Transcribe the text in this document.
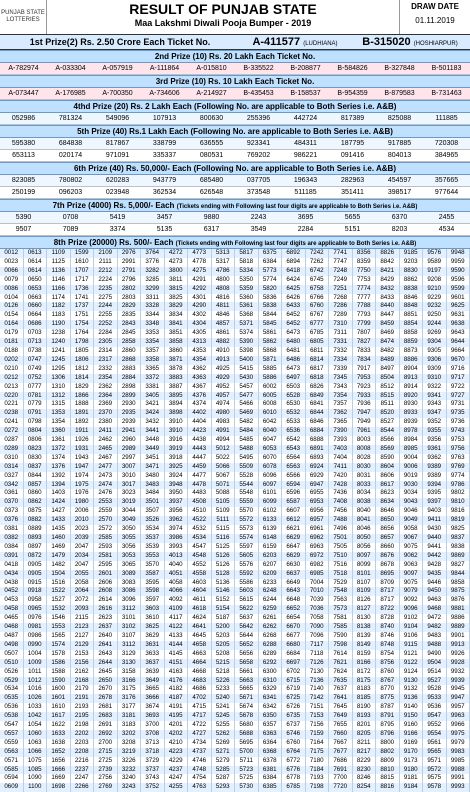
PUNJAB STATE LOTTERIES
RESULT OF PUNJAB STATE
Maa Lakshmi Diwali Pooja Bumper - 2019
DRAW DATE
01.11.2019
1st Prize(2) Rs. 2.50 Crore Each Ticket No.	A-411577 (LUDHIANA)	B-315020 (HOSHIARPUR)
2nd Prize (10) Rs. 20 Lakh Each Ticket No.
A-782974	A-033304	A-057919	A-111864	A-015810	B-335522	B-208877	B-584826	B-327848	B-501183
3rd Prize (10) Rs. 10 Lakh Each Ticket No.
A-073447	A-176985	A-700350	A-734606	A-214927	B-435453	B-158537	B-954359	B-879583	B-731463
4thd Prize (20) Rs. 2 Lakh Each (Following No. are applicable to Both Series i.e. A&B)
052986	781324	549096	107913	800630	255396	442724	817389	825088	111885
5th Prize (40) Rs.1 Lakh Each (Following No. are applicable to Both Series i.e. A&B)
595380	684838	817867	338799	636555	923341	484311	187795	917885	720308
653113	020174	971091	335337	080531	769202	986221	091416	804013	384965
6th Prize (40) Rs. 50,000/- Each (Following No. are applicable to Both Series i.e. A&B)
823085	780802	620283	943779	685480	037705	196343	282963	454597	357665
250199	096203	023948	362534	626548	373548	511185	351411	398517	977644
7th Prize (4000) Rs. 5,000/- Each (Tickets ending with Following last four digits are applicable to Both Series i.e. A&B)
5390	0708	5419	3457	9880	2243	3695	5655	6370	2455
9507	7089	3374	5135	6317	3549	2284	5151	8203	4534
8th Prize (20000) Rs. 500/- Each (Tickets ending with Following last four digits are applicable to Both Series i.e. A&B)
0012	0613	1109	1599	2109	2976	3764	4272	4773	5313	5817	6375	6892	7242	7741	8356	8826	9185	9576	9948
0023	0614	1125	1610	2111	2991	3776	4273	4778	5317	5818	6384	6894	7262	7747	8359	8842	9203	9589	9959
0066	0614	1136	1707	2212	2791	3282	3800	4275	4786	5334	5773	6418	6742	7248	7750	8421	8830	9197	9590
0079	0650	1146	1717	2224	2796	3285	3811	4291	4800	5350	5774	6424	6745	7249	7753	8429	8862	9208	9596
0086	0653	1166	1736	2235	2802	3299	3815	4292	4808	5359	5820	6425	6758	7251	7774	8432	8838	9210	9599
0104	0663	1174	1741	2275	2803	3311	3825	4301	4816	5360	5836	6426	6766	7268	7777	8433	8846	9229	9601
0126	0660	1182	1737	2244	2829	3328	3829	4290	4811	5361	5838	6433	6760	7286	7788	8440	8848	9232	9625
0154	0664	1183	1751	2255	2835	3344	3834	4302	4846	5368	5844	6452	6767	7289	7793	8447	8851	9250	9631
0164	0686	1190	1754	2252	2843	3348	3841	4304	4857	5371	5845	6452	6777	7310	7799	8459	8854	9244	9638
0179	0703	1238	1764	2284	2845	3353	3851	4305	4861	5374	5861	6473	6785	7311	7807	8469	8858	9269	9643
0181	0713	1240	1798	2305	2858	3354	3858	4313	4882	5390	5862	6480	6805	7331	7827	8474	8859	9304	9644
0188	0738	1241	1805	2314	2860	3357	3860	4353	4910	5398	5868	6481	6811	7332	7833	8482	8873	9305	9664
0202	0747	1245	1806	2317	2868	3358	3871	4354	4913	5400	5871	6486	6814	7334	7834	8489	8886	9306	9670
0210	0749	1295	1812	2332	2883	3365	3878	4362	4925	5415	5885	6473	6817	7339	7917	8497	8904	9309	9716
0212	0752	1306	1814	2354	2884	3372	3883	4363	4929	5430	5886	6497	6818	7345	7953	8504	8913	9310	9717
0213	0777	1310	1829	2362	2898	3381	3887	4367	4952	5457	6002	6503	6826	7343	7923	8512	8914	9322	9722
0220	0781	1312	1866	2364	2899	3405	3895	4376	4957	5477	6005	6528	6849	7354	7933	8515	8920	9341	9727
0221	0779	1315	1888	2369	2930	3421	3894	4374	4974	5466	6008	6530	6841	7357	7936	8511	8930	9343	9731
0238	0791	1353	1891	2370	2935	3424	3898	4402	4980	5469	6010	6532	6844	7362	7947	8520	8933	9347	9735
0241	0798	1354	1892	2380	2939	3432	3910	4404	4983	5482	6042	6533	6846	7365	7949	8527	8939	9352	9736
0272	0804	1360	1911	2411	2941	3441	3910	4423	4991	5484	6040	6536	6884	7390	7961	8544	8978	9355	9743
0287	0806	1361	1926	2462	2960	3448	3916	4438	4994	5485	6047	6542	6888	7393	8003	8566	8984	9356	9753
0289	0823	1372	1931	2465	2989	3449	3919	4443	5012	5488	6053	6543	6891	7403	8008	8569	8985	9361	9756
0310	0830	1374	1943	2467	2997	3451	3918	4447	5022	5495	6070	6564	6893	7404	8028	8590	9004	9362	9763
0314	0837	1376	1947	2477	3007	3471	3925	4459	5066	5509	6078	6563	6924	7411	8030	8604	9006	9389	9769
0327	0844	1392	1974	2473	3010	3480	3924	4477	5067	5528	6096	6566	6929	7420	8031	8606	9019	9389	9774
0342	0857	1394	1975	2474	3017	3483	3948	4478	5071	5544	6097	6594	6947	7428	8033	8617	9030	9394	9786
0361	0860	1403	1976	2476	3023	3484	3950	4483	5088	5548	6101	6596	6955	7436	8034	8623	9034	9395	9802
0370	0862	1424	1980	2553	3019	3501	3937	4508	5105	5559	6099	6587	6953	7408	8038	8634	9043	9397	9810
0373	0875	1427	2006	2559	3044	3507	3956	4510	5109	5570	6102	6607	6956	7456	8040	8646	9046	9403	9816
0376	0882	1433	2010	2570	3049	3526	3962	4522	5111	5572	6133	6612	6957	7488	8041	8650	9049	9411	9819
0381	0889	1435	2023	2572	3050	3534	3974	4532	5115	5573	6139	6621	6961	7496	8046	8656	9058	9430	9825
0382	0893	1460	2039	2585	3055	3537	3986	4534	5116	5574	6148	6629	6962	7501	8050	8657	9067	9440	9837
0384	0897	1469	2047	2593	3056	3539	3993	4547	5125	5597	6159	6647	6963	7505	8056	8660	9075	9441	9838
0391	0872	1479	2034	2581	3053	3553	4013	4548	5126	5605	6203	6629	6972	7510	8097	8676	9062	9442	9869
0418	0905	1482	2047	2595	3065	3570	4040	4552	5126	5576	6207	6630	6982	7516	8099	8678	9063	9428	9827
0434	0905	1504	2055	2601	3089	3587	4051	4558	5128	5592	6209	6637	6985	7518	8101	8695	9097	9435	9844
0438	0915	1516	2058	2606	3083	3595	4058	4603	5136	5586	6233	6649	7004	7529	8107	8709	9075	9446	9858
0452	0918	1522	2064	2608	3086	3598	4066	4604	5146	5603	6248	6643	7010	7548	8109	8717	9079	9450	9875
0453	0958	1527	2072	2614	3096	3597	4092	4611	5152	5615	6244	6648	7039	7563	8126	8717	9092	9463	9876
0458	0965	1532	2093	2616	3112	3603	4109	4618	5154	5622	6259	6652	7036	7573	8127	8722	9096	9468	9881
0465	0976	1546	2115	2623	3101	3610	4117	4624	5187	5637	6261	6654	7058	7581	8130	8728	9102	9472	9886
0468	0981	1553	2123	2637	3102	3625	4122	4641	5200	5642	6262	6670	7090	7585	8138	8740	9104	9482	9889
0487	0986	1565	2127	2640	3107	3629	4133	4645	5203	5644	6268	6677	7096	7590	8139	8746	9106	9483	9901
0498	0990	1574	2129	2641	3112	3631	4144	4658	5205	5652	6288	6680	7117	7598	8149	8748	9115	9488	9913
0507	1004	1578	2153	2643	3129	3633	4145	4663	5208	5656	6289	6684	7118	7614	8159	8754	9121	9490	9926
0510	1009	1586	2156	2644	3130	3637	4151	4664	5215	5658	6292	6697	7126	7621	8166	8756	9122	9504	9928
0526	1011	1588	2162	2645	3158	3639	4163	4668	5218	5661	6300	6702	7130	7624	8172	8760	9124	9514	9932
0529	1012	1590	2168	2650	3166	3649	4176	4683	5226	5663	6310	6715	7136	7635	8175	8767	9130	9527	9939
0534	1016	1600	2179	2670	3175	3665	4182	4686	5233	5665	6329	6719	7140	7637	8183	8770	9132	9528	9945
0535	1026	1601	2191	2678	3176	3666	4187	4702	5240	5671	6341	6725	7142	7641	8185	8775	9136	9533	9947
0536	1033	1610	2193	2681	3177	3674	4191	4715	5241	5674	6342	6726	7151	7645	8190	8787	9140	9536	9957
0538	1042	1617	2195	2683	3181	3693	4195	4717	5245	5678	6350	6735	7153	7649	8193	8791	9150	9547	9963
0547	1054	1622	2198	2691	3183	3700	4201	4722	5255	5680	6357	6737	7156	7655	8201	8795	9160	9552	9966
0557	1060	1633	2202	2692	3202	3708	4202	4727	5262	5688	6363	6746	7159	7660	8205	8796	9166	9554	9975
0559	1063	1638	2203	2700	3208	3713	4210	4734	5269	5695	6364	6760	7164	7667	8211	8800	9169	9561	9979
0563	1066	1652	2208	2715	3219	3718	4223	4737	5271	5700	6368	6764	7175	7677	8217	8802	9170	9565	9983
0571	1075	1656	2216	2725	3226	3729	4229	4746	5279	5711	6378	6772	7180	7686	8229	8809	9173	9571	9985
0585	1085	1666	2237	2739	3232	3737	4237	4748	5285	5723	6381	6776	7184	7691	8230	8810	9180	9572	9988
0594	1090	1669	2247	2756	3240	3743	4247	4754	5287	5725	6384	6778	7193	7700	8246	8815	9181	9575	9991
0609	1100	1698	2266	2769	3243	3752	4255	4763	5293	5730	6385	6785	7198	7720	8254	8816	9184	9578	9993
